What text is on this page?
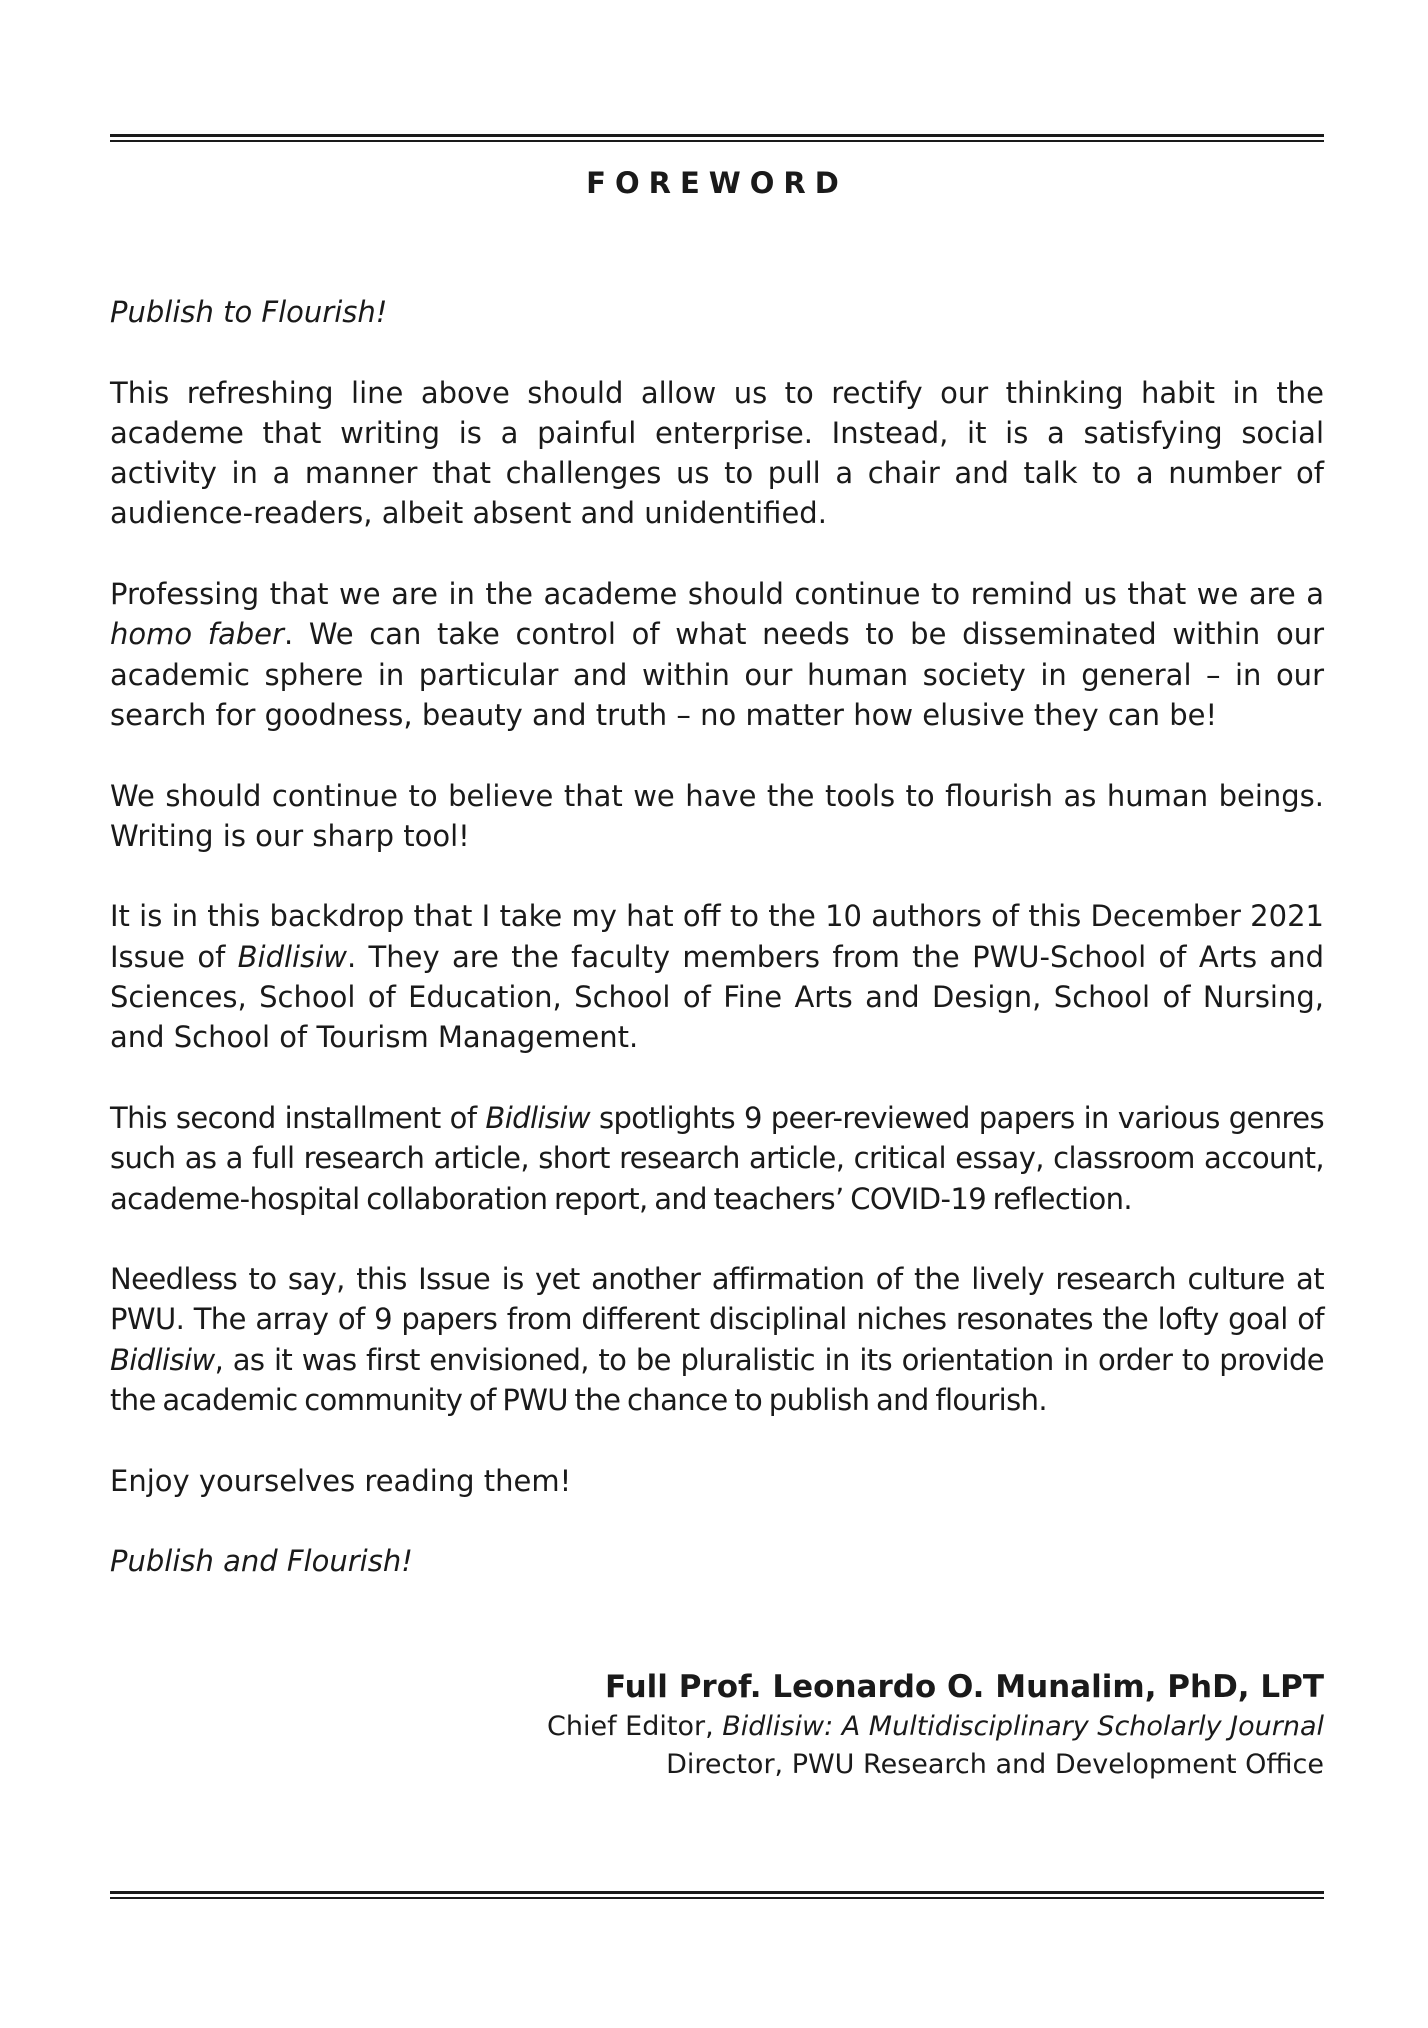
FOREWORD

Publish to Flourish!

This refreshing line above should allow us to rectify our thinking habit in the academe that writing is a painful enterprise. Instead, it is a satisfying social activity in a manner that challenges us to pull a chair and talk to a number of audience-readers, albeit absent and unidentified.

Professing that we are in the academe should continue to remind us that we are a homo faber. We can take control of what needs to be disseminated within our academic sphere in particular and within our human society in general – in our search for goodness, beauty and truth – no matter how elusive they can be!

We should continue to believe that we have the tools to flourish as human beings. Writing is our sharp tool!

It is in this backdrop that I take my hat off to the 10 authors of this December 2021 Issue of Bidlisiw. They are the faculty members from the PWU-School of Arts and Sciences, School of Education, School of Fine Arts and Design, School of Nursing, and School of Tourism Management.

This second installment of Bidlisiw spotlights 9 peer-reviewed papers in various genres such as a full research article, short research article, critical essay, classroom account, academe-hospital collaboration report, and teachers’ COVID-19 reflection.

Needless to say, this Issue is yet another affirmation of the lively research culture at PWU. The array of 9 papers from different disciplinal niches resonates the lofty goal of Bidlisiw, as it was first envisioned, to be pluralistic in its orientation in order to provide the academic community of PWU the chance to publish and flourish.

Enjoy yourselves reading them!

Publish and Flourish!

Full Prof. Leonardo O. Munalim, PhD, LPT
Chief Editor, Bidlisiw: A Multidisciplinary Scholarly Journal
Director, PWU Research and Development Office
